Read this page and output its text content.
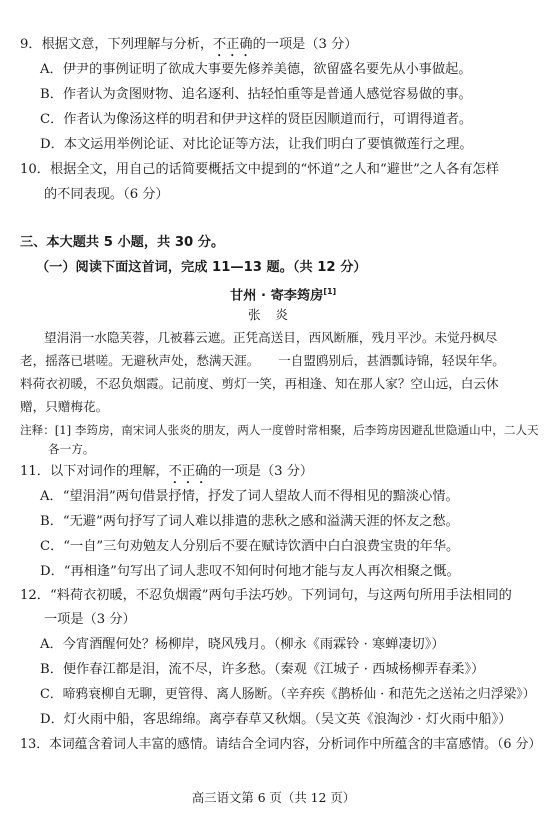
9．根据文意，下列理解与分析，不正确的一项是（3 分）
A．伊尹的事例证明了欲成大事要先修养美德，欲留盛名要先从小事做起。
B．作者认为贪图财物、追名逐利、拈轻怕重等是普通人感觉容易做的事。
C．作者认为像汤这样的明君和伊尹这样的贤臣因顺道而行，可谓得道者。
D．本文运用举例论证、对比论证等方法，让我们明白了要慎微莲行之理。
10．根据全文，用自己的话简要概括文中提到的“怀道”之人和“避世”之人各有怎样
的不同表现。（6 分）
三、本大题共 5 小题，共 30 分。
（一）阅读下面这首词，完成 11—13 题。（共 12 分）
甘州 · 寄李筠房[1]
张　炎
望涓涓一水隐芙蓉，几被暮云遮。正凭高送目，西风断雁，残月平沙。未觉丹枫尽
老，摇落已堪嗟。无避秋声处，愁满天涯。　　一自盟鸥别后，甚酒瓢诗锦，轻误年华。
料荷衣初暖，不忍负烟霞。记前度、剪灯一笑，再相逢、知在那人家？空山远，白云休
赠，只赠梅花。
注释：[1] 李筠房，南宋词人张炎的朋友，两人一度曾时常相聚，后李筠房因避乱世隐遁山中，二人天
各一方。
11．以下对词作的理解，不正确的一项是（3 分）
A．“望涓涓”两句借景抒情，抒发了词人望故人而不得相见的黯淡心情。
B．“无避”两句抒写了词人难以排遣的悲秋之感和溢满天涯的怀友之愁。
C．“一自”三句劝勉友人分别后不要在赋诗饮酒中白白浪费宝贵的年华。
D．“再相逢”句写出了词人悲叹不知何时何地才能与友人再次相聚之慨。
12．“料荷衣初暖，不忍负烟霞”两句手法巧妙。下列词句，与这两句所用手法相同的
一项是（3 分）
A．今宵酒醒何处？杨柳岸，晓风残月。（柳永《雨霖铃 · 寒蝉凄切》）
B．便作春江都是泪，流不尽，许多愁。（秦观《江城子 · 西城杨柳弄春柔》）
C．啼鸦衰柳自无聊，更管得、离人肠断。（辛弃疾《鹊桥仙 · 和范先之送祐之归浮梁》）
D．灯火雨中船，客思绵绵。离亭春草又秋烟。（吴文英《浪淘沙 · 灯火雨中船》）
13．本词蕴含着词人丰富的感情。请结合全词内容，分析词作中所蕴含的丰富感情。（6 分）
高三语文第 6 页（共 12 页）
